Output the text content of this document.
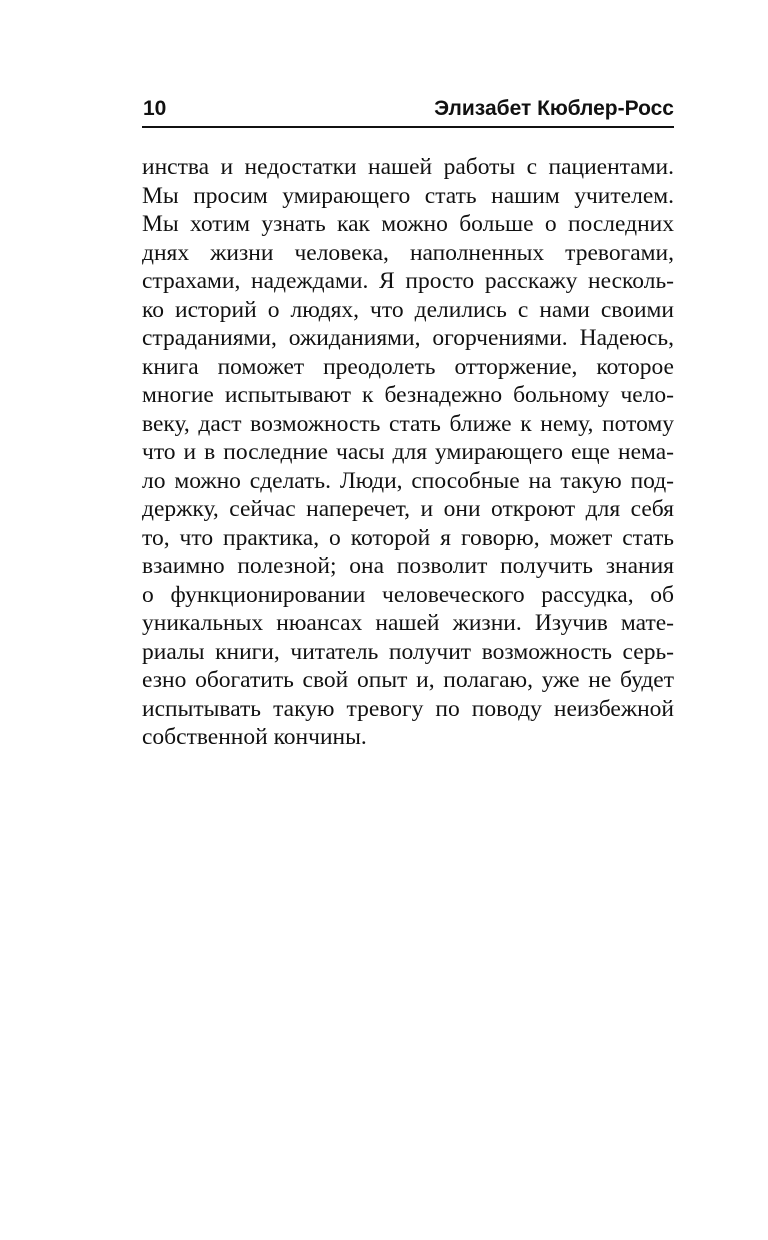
10	Элизабет Кюблер-Росс
инства и недостатки нашей работы с пациентами.
Мы просим умирающего стать нашим учителем.
Мы хотим узнать как можно больше о последних
днях жизни человека, наполненных тревогами,
страхами, надеждами. Я просто расскажу несколь-
ко историй о людях, что делились с нами своими
страданиями, ожиданиями, огорчениями. Надеюсь,
книга поможет преодолеть отторжение, которое
многие испытывают к безнадежно больному чело-
веку, даст возможность стать ближе к нему, потому
что и в последние часы для умирающего еще нема-
ло можно сделать. Люди, способные на такую под-
держку, сейчас наперечет, и они откроют для себя
то, что практика, о которой я говорю, может стать
взаимно полезной; она позволит получить знания
о функционировании человеческого рассудка, об
уникальных нюансах нашей жизни. Изучив мате-
риалы книги, читатель получит возможность серь-
езно обогатить свой опыт и, полагаю, уже не будет
испытывать такую тревогу по поводу неизбежной
собственной кончины.
